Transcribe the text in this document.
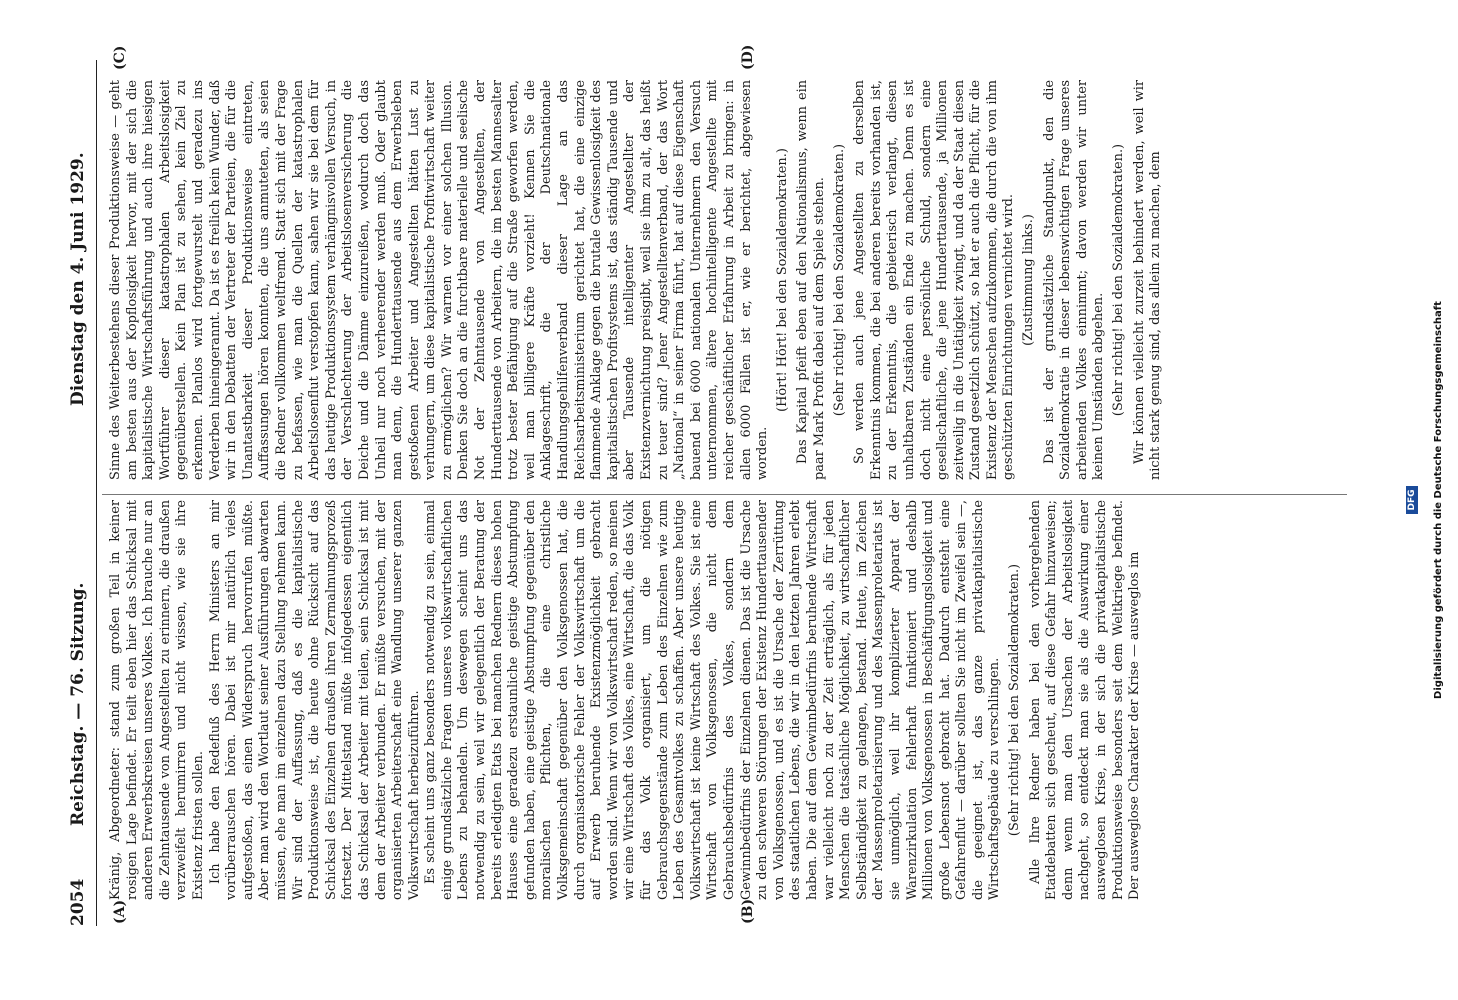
2054
Reichstag. — 76. Sitzung.
Dienstag den 4. Juni 1929.
(A)	(B)
(C)	(D)

Kränig, Abgeordneter: stand zum großen Teil in keiner rosigen Lage befindet. Er teilt eben hier das Schicksal mit anderen Erwerbskreisen unseres Volkes. Ich brauche nur an die Zehntausende von Angestellten zu erinnern, die draußen verzweifelt herumirren und nicht wissen, wie sie ihre Existenz fristen sollen. Ich habe den Redefluß des Herrn Ministers an mir vorüberrauschen hören. Dabei ist mir natürlich vieles aufgestoßen, das einen Widerspruch hervorrufen müßte. Aber man wird den Wortlaut seiner Ausführungen abwarten müssen, ehe man im einzelnen dazu Stellung nehmen kann. Wir sind der Auffassung, daß es die kapitalistische Produktionsweise ist, die heute ohne Rücksicht auf das Schicksal des Einzelnen draußen ihren Zermalmungsprozeß fortsetzt. Der Mittelstand müßte infolgedessen eigentlich das Schicksal der Arbeiter mit teilen, sein Schicksal ist mit dem der Arbeiter verbunden. Er müßte versuchen, mit der organisierten Arbeiterschaft eine Wandlung unserer ganzen Volkswirtschaft herbeizuführen. Es scheint uns ganz besonders notwendig zu sein, einmal einige grundsätzliche Fragen unseres volkswirtschaftlichen Lebens zu behandeln. Um deswegen scheint uns das notwendig zu sein, weil wir gelegentlich der Beratung der bereits erledigten Etats bei manchen Rednern dieses hohen Hauses eine geradezu erstaunliche geistige Abstumpfung gefunden haben, eine geistige Abstumpfung gegenüber den moralischen Pflichten, die eine christliche Volksgemeinschaft gegenüber den Volksgenossen hat, die durch organisatorische Fehler der Volkswirtschaft um die auf Erwerb beruhende Existenzmöglichkeit gebracht worden sind. Wenn wir von Volkswirtschaft reden, so meinen wir eine Wirtschaft des Volkes, eine Wirtschaft, die das Volk für das Volk organisiert, um die nötigen Gebrauchsgegenstände zum Leben des Einzelnen wie zum Leben des Gesamtvolkes zu schaffen. Aber unsere heutige Volkswirtschaft ist keine Wirtschaft des Volkes. Sie ist eine Wirtschaft von Volksgenossen, die nicht dem Gebrauchsbedürfnis des Volkes, sondern dem Gewinnbedürfnis der Einzelnen dienen. Das ist die Ursache zu den schweren Störungen der Existenz Hunderttausender von Volksgenossen, und es ist die Ursache der Zerrüttung des staatlichen Lebens, die wir in den letzten Jahren erlebt haben. Die auf dem Gewinnbedürfnis beruhende Wirtschaft war vielleicht noch zu der Zeit erträglich, als für jeden Menschen die tatsächliche Möglichkeit, zu wirtschaftlicher Selbständigkeit zu gelangen, bestand. Heute, im Zeichen der Massenproletarisierung und des Massenproletariats ist sie unmöglich, weil ihr komplizierter Apparat der Warenzirkulation fehlerhaft funktioniert und deshalb Millionen von Volksgenossen in Beschäftigungslosigkeit und große Lebensnot gebracht hat. Dadurch entsteht eine Gefahrenflut — darüber sollten Sie nicht im Zweifel sein —, die geeignet ist, das ganze privatkapitalistische Wirtschaftsgebäude zu verschlingen. (Sehr richtig! bei den Sozialdemokraten.) Alle Ihre Redner haben bei den vorhergehenden Etatdebatten sich gescheut, auf diese Gefahr hinzuweisen; denn wenn man den Ursachen der Arbeitslosigkeit nachgeht, so entdeckt man sie als die Auswirkung einer ausweglosen Krise, in der sich die privatkapitalistische Produktionsweise besonders seit dem Weltkriege befindet. Der ausweglose Charakter der Krise — ausweglos im

Sinne des Weiterbestehens dieser Produktionsweise — geht am besten aus der Kopflosigkeit hervor, mit der sich die kapitalistische Wirtschaftsführung und auch ihre hiesigen Wortführer dieser katastrophalen Arbeitslosigkeit gegenüberstellen. Kein Plan ist zu sehen, kein Ziel zu erkennen. Planlos wird fortgewurstelt und geradezu ins Verderben hineingerannt. Da ist es freilich kein Wunder, daß wir in den Debatten der Vertreter der Parteien, die für die Unantastbarkeit dieser Produktionsweise eintreten, Auffassungen hören konnten, die uns anmuteten, als seien die Redner vollkommen weltfremd. Statt sich mit der Frage zu befassen, wie man die Quellen der katastrophalen Arbeitslosenflut verstopfen kann, sahen wir sie bei dem für das heutige Produktionssystem verhängnisvollen Versuch, in der Verschlechterung der Arbeitslosenversicherung die Deiche und die Dämme einzureißen, wodurch doch das Unheil nur noch verheerender werden muß. Oder glaubt man denn, die Hunderttausende aus dem Erwerbsleben gestoßenen Arbeiter und Angestellten hätten Lust zu verhungern, um diese kapitalistische Profitwirtschaft weiter zu ermöglichen? Wir warnen vor einer solchen Illusion. Denken Sie doch an die furchtbare materielle und seelische Not der Zehntausende von Angestellten, der Hunderttausende von Arbeitern, die im besten Mannesalter trotz bester Befähigung auf die Straße geworfen werden, weil man billigere Kräfte vorzieht! Kennen Sie die Anklageschrift, die der Deutschnationale Handlungsgehilfenverband dieser Lage an das Reichsarbeitsministerium gerichtet hat, die eine einzige flammende Anklage gegen die brutale Gewissenlosigkeit des kapitalistischen Profitsystems ist, das ständig Tausende und aber Tausende intelligenter Angestellter der Existenzvernichtung preisgibt, weil sie ihm zu alt, das heißt zu teuer sind? Jener Angestelltenverband, der das Wort „National“ in seiner Firma führt, hat auf diese Eigenschaft bauend bei 6000 nationalen Unternehmern den Versuch unternommen, ältere hochintelligente Angestellte mit reicher geschäftlicher Erfahrung in Arbeit zu bringen: in allen 6000 Fällen ist er, wie er berichtet, abgewiesen worden.

(Hört! Hört! bei den Sozialdemokraten.) Das Kapital pfeift eben auf den Nationalismus, wenn ein paar Mark Profit dabei auf dem Spiele stehen. (Sehr richtig! bei den Sozialdemokraten.) So werden auch jene Angestellten zu derselben Erkenntnis kommen, die bei anderen bereits vorhanden ist, zu der Erkenntnis, die gebieterisch verlangt, diesen unhaltbaren Zuständen ein Ende zu machen. Denn es ist doch nicht eine persönliche Schuld, sondern eine gesellschaftliche, die jene Hunderttausende, ja Millionen zeitweilig in die Untätigkeit zwingt, und da der Staat diesen Zustand gesetzlich schützt, so hat er auch die Pflicht, für die Existenz der Menschen aufzukommen, die durch die von ihm geschützten Einrichtungen vernichtet wird. (Zustimmung links.) Das ist der grundsätzliche Standpunkt, den die Sozialdemokratie in dieser lebenswichtigen Frage unseres arbeitenden Volkes einnimmt; davon werden wir unter keinen Umständen abgehen. (Sehr richtig! bei den Sozialdemokraten.) Wir können vielleicht zurzeit behindert werden, weil wir nicht stark genug sind, das allein zu machen, dem

DFG Digitalisierung gefördert durch die Deutsche Forschungsgemeinschaft
